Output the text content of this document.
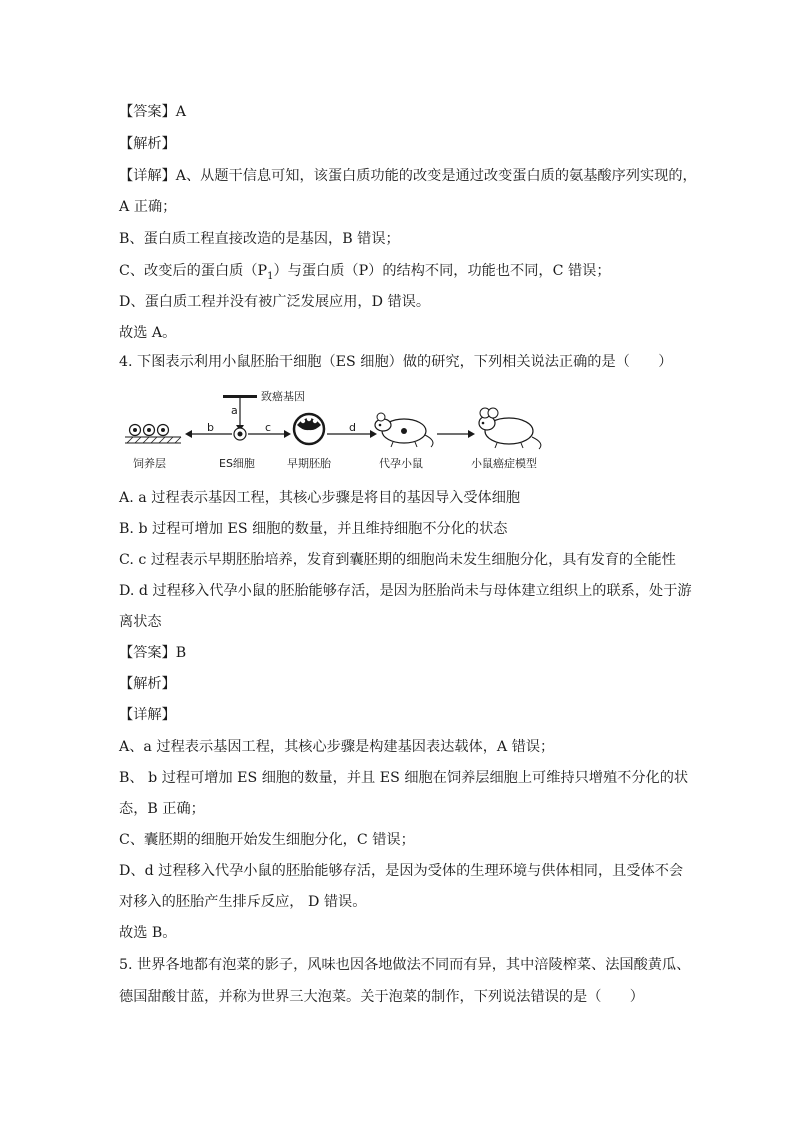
【答案】A
【解析】
【详解】A、从题干信息可知，该蛋白质功能的改变是通过改变蛋白质的氨基酸序列实现的，
A 正确；
B、蛋白质工程直接改造的是基因，B 错误；
C、改变后的蛋白质$(P_1)$与蛋白质（P）的结构不同，功能也不同，C 错误；
D、蛋白质工程并没有被广泛发展应用，D 错误。
故选 A。
4. 下图表示利用小鼠胚胎干细胞（ES 细胞）做的研究，下列相关说法正确的是（　　）
致癌基因
a
饲养层
b
ES细胞
c
早期胚胎
d
代孕小鼠	小鼠癌症模型
A. a 过程表示基因工程，其核心步骤是将目的基因导入受体细胞
B. b 过程可增加 ES 细胞的数量，并且维持细胞不分化的状态
C. c 过程表示早期胚胎培养，发育到囊胚期的细胞尚未发生细胞分化，具有发育的全能性
D. d 过程移入代孕小鼠的胚胎能够存活，是因为胚胎尚未与母体建立组织上的联系，处于游
离状态
【答案】B
【解析】
【详解】
A、a 过程表示基因工程，其核心步骤是构建基因表达载体，A 错误；
B、 b 过程可增加 ES 细胞的数量，并且 ES 细胞在饲养层细胞上可维持只增殖不分化的状
态，B 正确；
C、囊胚期的细胞开始发生细胞分化，C 错误；
D、d 过程移入代孕小鼠的胚胎能够存活，是因为受体的生理环境与供体相同，且受体不会
对移入的胚胎产生排斥反应， D 错误。
故选 B。
5. 世界各地都有泡菜的影子，风味也因各地做法不同而有异，其中涪陵榨菜、法国酸黄瓜、
德国甜酸甘蓝，并称为世界三大泡菜。关于泡菜的制作，下列说法错误的是（　　）
